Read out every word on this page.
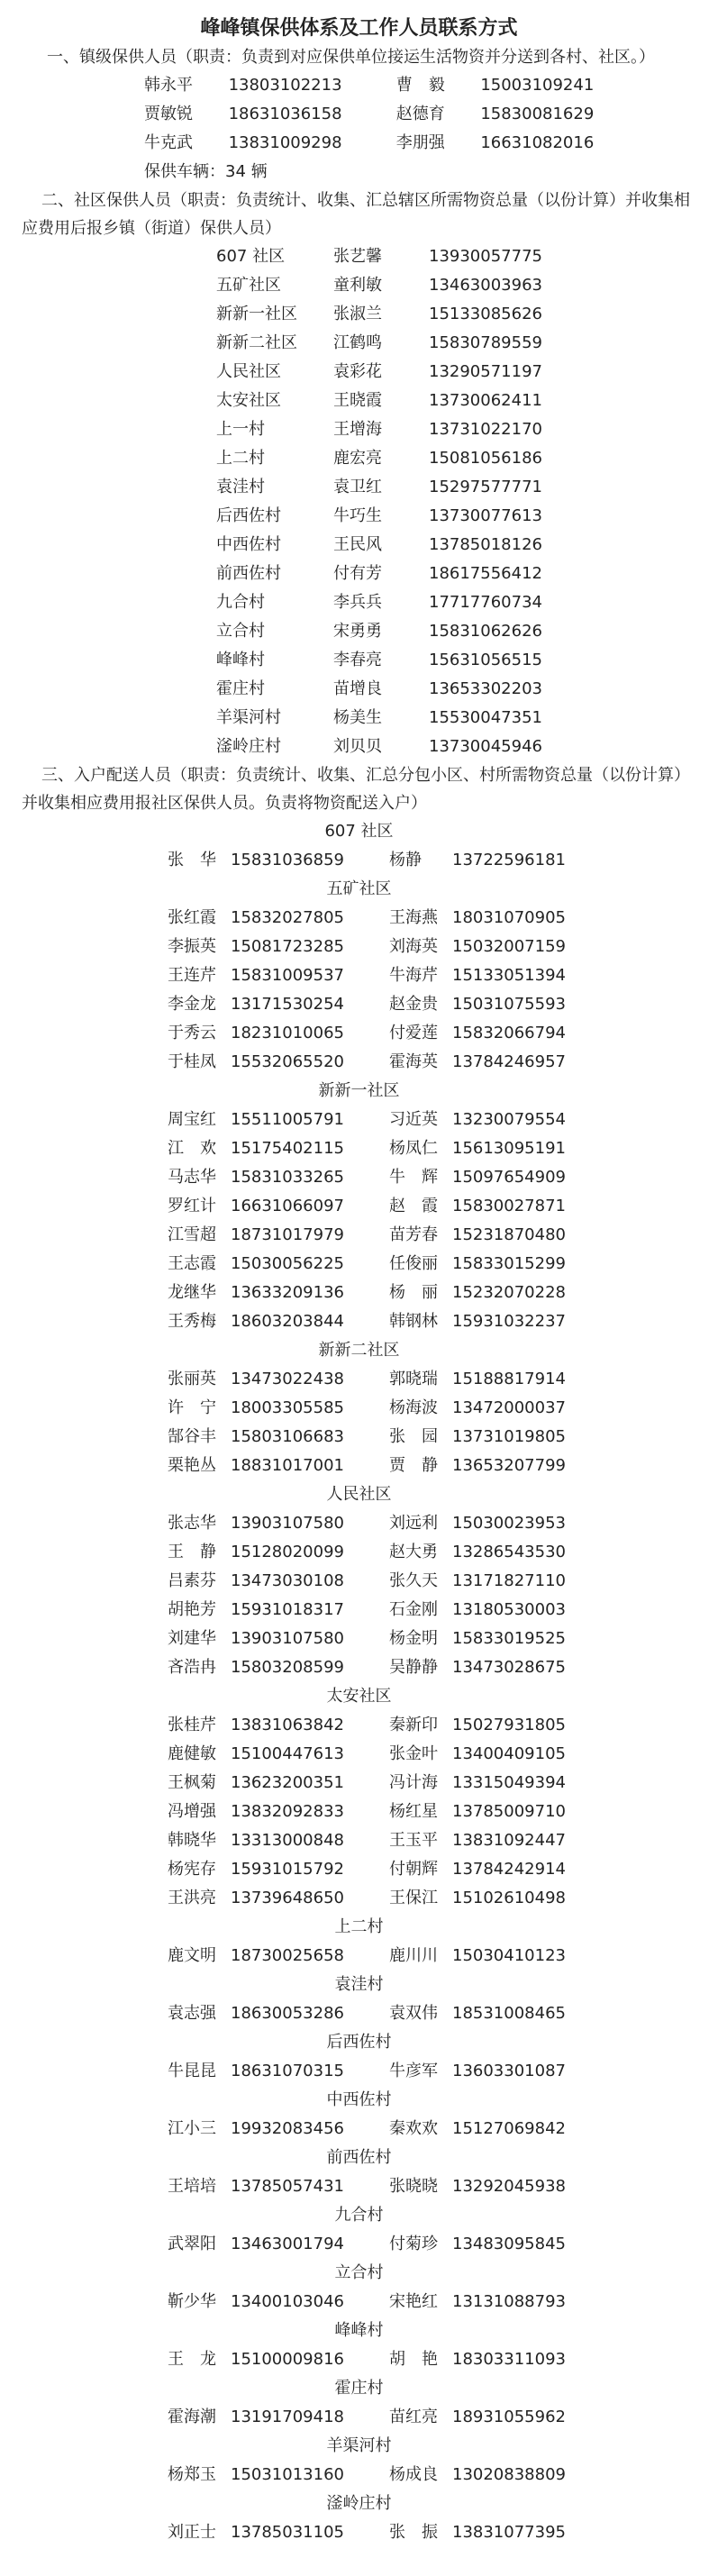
峰峰镇保供体系及工作人员联系方式
一、镇级保供人员（职责：负责到对应保供单位接运生活物资并分送到各村、社区。）
韩永平	13803102213	曹　毅	15003109241
贾敏锐	18631036158	赵德育	15830081629
牛克武	13831009298	李朋强	16631082016
保供车辆：34 辆
二、社区保供人员（职责：负责统计、收集、汇总辖区所需物资总量（以份计算）并收集相应费用后报乡镇（街道）保供人员）
607 社区	张艺馨	13930057775
五矿社区	童利敏	13463003963
新新一社区	张淑兰	15133085626
新新二社区	江鹤鸣	15830789559
人民社区	袁彩花	13290571197
太安社区	王晓霞	13730062411
上一村	王增海	13731022170
上二村	鹿宏亮	15081056186
袁洼村	袁卫红	15297577771
后西佐村	牛巧生	13730077613
中西佐村	王民风	13785018126
前西佐村	付有芳	18617556412
九合村	李兵兵	17717760734
立合村	宋勇勇	15831062626
峰峰村	李春亮	15631056515
霍庄村	苗增良	13653302203
羊渠河村	杨美生	15530047351
滏岭庄村	刘贝贝	13730045946
三、入户配送人员（职责：负责统计、收集、汇总分包小区、村所需物资总量（以份计算）并收集相应费用报社区保供人员。负责将物资配送入户）
607 社区
张　华 15831036859	杨静	13722596181
五矿社区
张红霞 15832027805	王海燕 18031070905
李振英 15081723285	刘海英 15032007159
王连芹 15831009537	牛海芹 15133051394
李金龙 13171530254	赵金贵 15031075593
于秀云 18231010065	付爱莲 15832066794
于桂凤 15532065520	霍海英 13784246957
新新一社区
周宝红 15511005791	习近英 13230079554
江　欢 15175402115	杨凤仁 15613095191
马志华 15831033265	牛　辉 15097654909
罗红计 16631066097	赵　霞 15830027871
江雪超 18731017979	苗芳春 15231870480
王志霞 15030056225	任俊丽 15833015299
龙继华 13633209136	杨　丽 15232070228
王秀梅 18603203844	韩钢林 15931032237
新新二社区
张丽英 13473022438	郭晓瑞 15188817914
许　宁 18003305585	杨海波 13472000037
郜谷丰 15803106683	张　园 13731019805
栗艳丛 18831017001	贾　静 13653207799
人民社区
张志华 13903107580	刘远利 15030023953
王　静 15128020099	赵大勇 13286543530
吕素芬 13473030108	张久天 13171827110
胡艳芳 15931018317	石金刚 13180530003
刘建华 13903107580	杨金明 15833019525
吝浩冉 15803208599	吴静静 13473028675
太安社区
张桂芹 13831063842	秦新印 15027931805
鹿健敏 15100447613	张金叶 13400409105
王枫菊 13623200351	冯计海 13315049394
冯增强 13832092833	杨红星 13785009710
韩晓华 13313000848	王玉平 13831092447
杨宪存 15931015792	付朝辉 13784242914
王洪亮 13739648650	王保江 15102610498
上二村
鹿文明 18730025658	鹿川川 15030410123
袁洼村
袁志强 18630053286	袁双伟 18531008465
后西佐村
牛昆昆 18631070315	牛彦军 13603301087
中西佐村
江小三 19932083456	秦欢欢 15127069842
前西佐村
王培培 13785057431	张晓晓 13292045938
九合村
武翠阳 13463001794	付菊珍 13483095845
立合村
靳少华 13400103046	宋艳红 13131088793
峰峰村
王　龙 15100009816	胡　艳 18303311093
霍庄村
霍海潮 13191709418	苗红亮 18931055962
羊渠河村
杨郑玉 15031013160	杨成良 13020838809
滏岭庄村
刘正士 13785031105	张　振 13831077395
